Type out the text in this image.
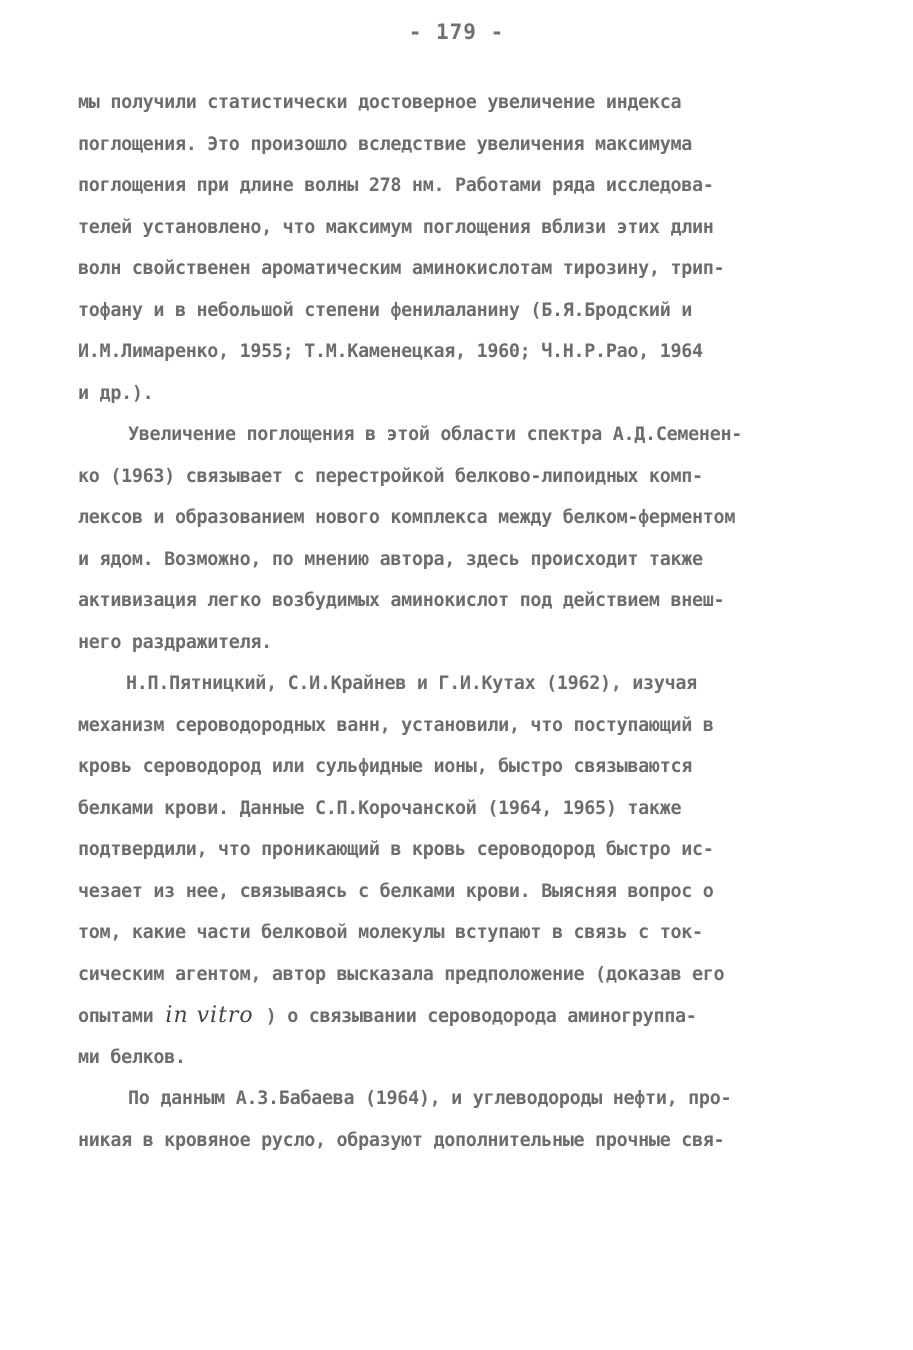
- 179 -
мы получили статистически достоверное увеличение индекса
поглощения. Это произошло вследствие увеличения максимума
поглощения при длине волны 278 нм. Работами ряда исследова-
телей установлено, что максимум поглощения вблизи этих длин
волн свойственен ароматическим аминокислотам тирозину, трип-
тофану и в небольшой степени фенилаланину (Б.Я.Бродский и
И.М.Лимаренко, 1955; Т.М.Каменецкая, 1960; Ч.Н.Р.Рао, 1964
и др.).
Увеличение поглощения в этой области спектра А.Д.Семенен-
ко (1963) связывает с перестройкой белково-липоидных комп-
лексов и образованием нового комплекса между белком-ферментом
и ядом. Возможно, по мнению автора, здесь происходит также
активизация легко возбудимых аминокислот под действием внеш-
него раздражителя.
Н.П.Пятницкий, С.И.Крайнев и Г.И.Кутах (1962), изучая
механизм сероводородных ванн, установили, что поступающий в
кровь сероводород или сульфидные ионы, быстро связываются
белками крови. Данные С.П.Корочанской (1964, 1965) также
подтвердили, что проникающий в кровь сероводород быстро ис-
чезает из нее, связываясь с белками крови. Выясняя вопрос о
том, какие части белковой молекулы вступают в связь с ток-
сическим агентом, автор высказала предположение (доказав его
опытами in vitro ) о связывании сероводорода аминогруппа-
ми белков.
По данным А.З.Бабаева (1964), и углеводороды нефти, про-
никая в кровяное русло, образуют дополнительные прочные свя-
